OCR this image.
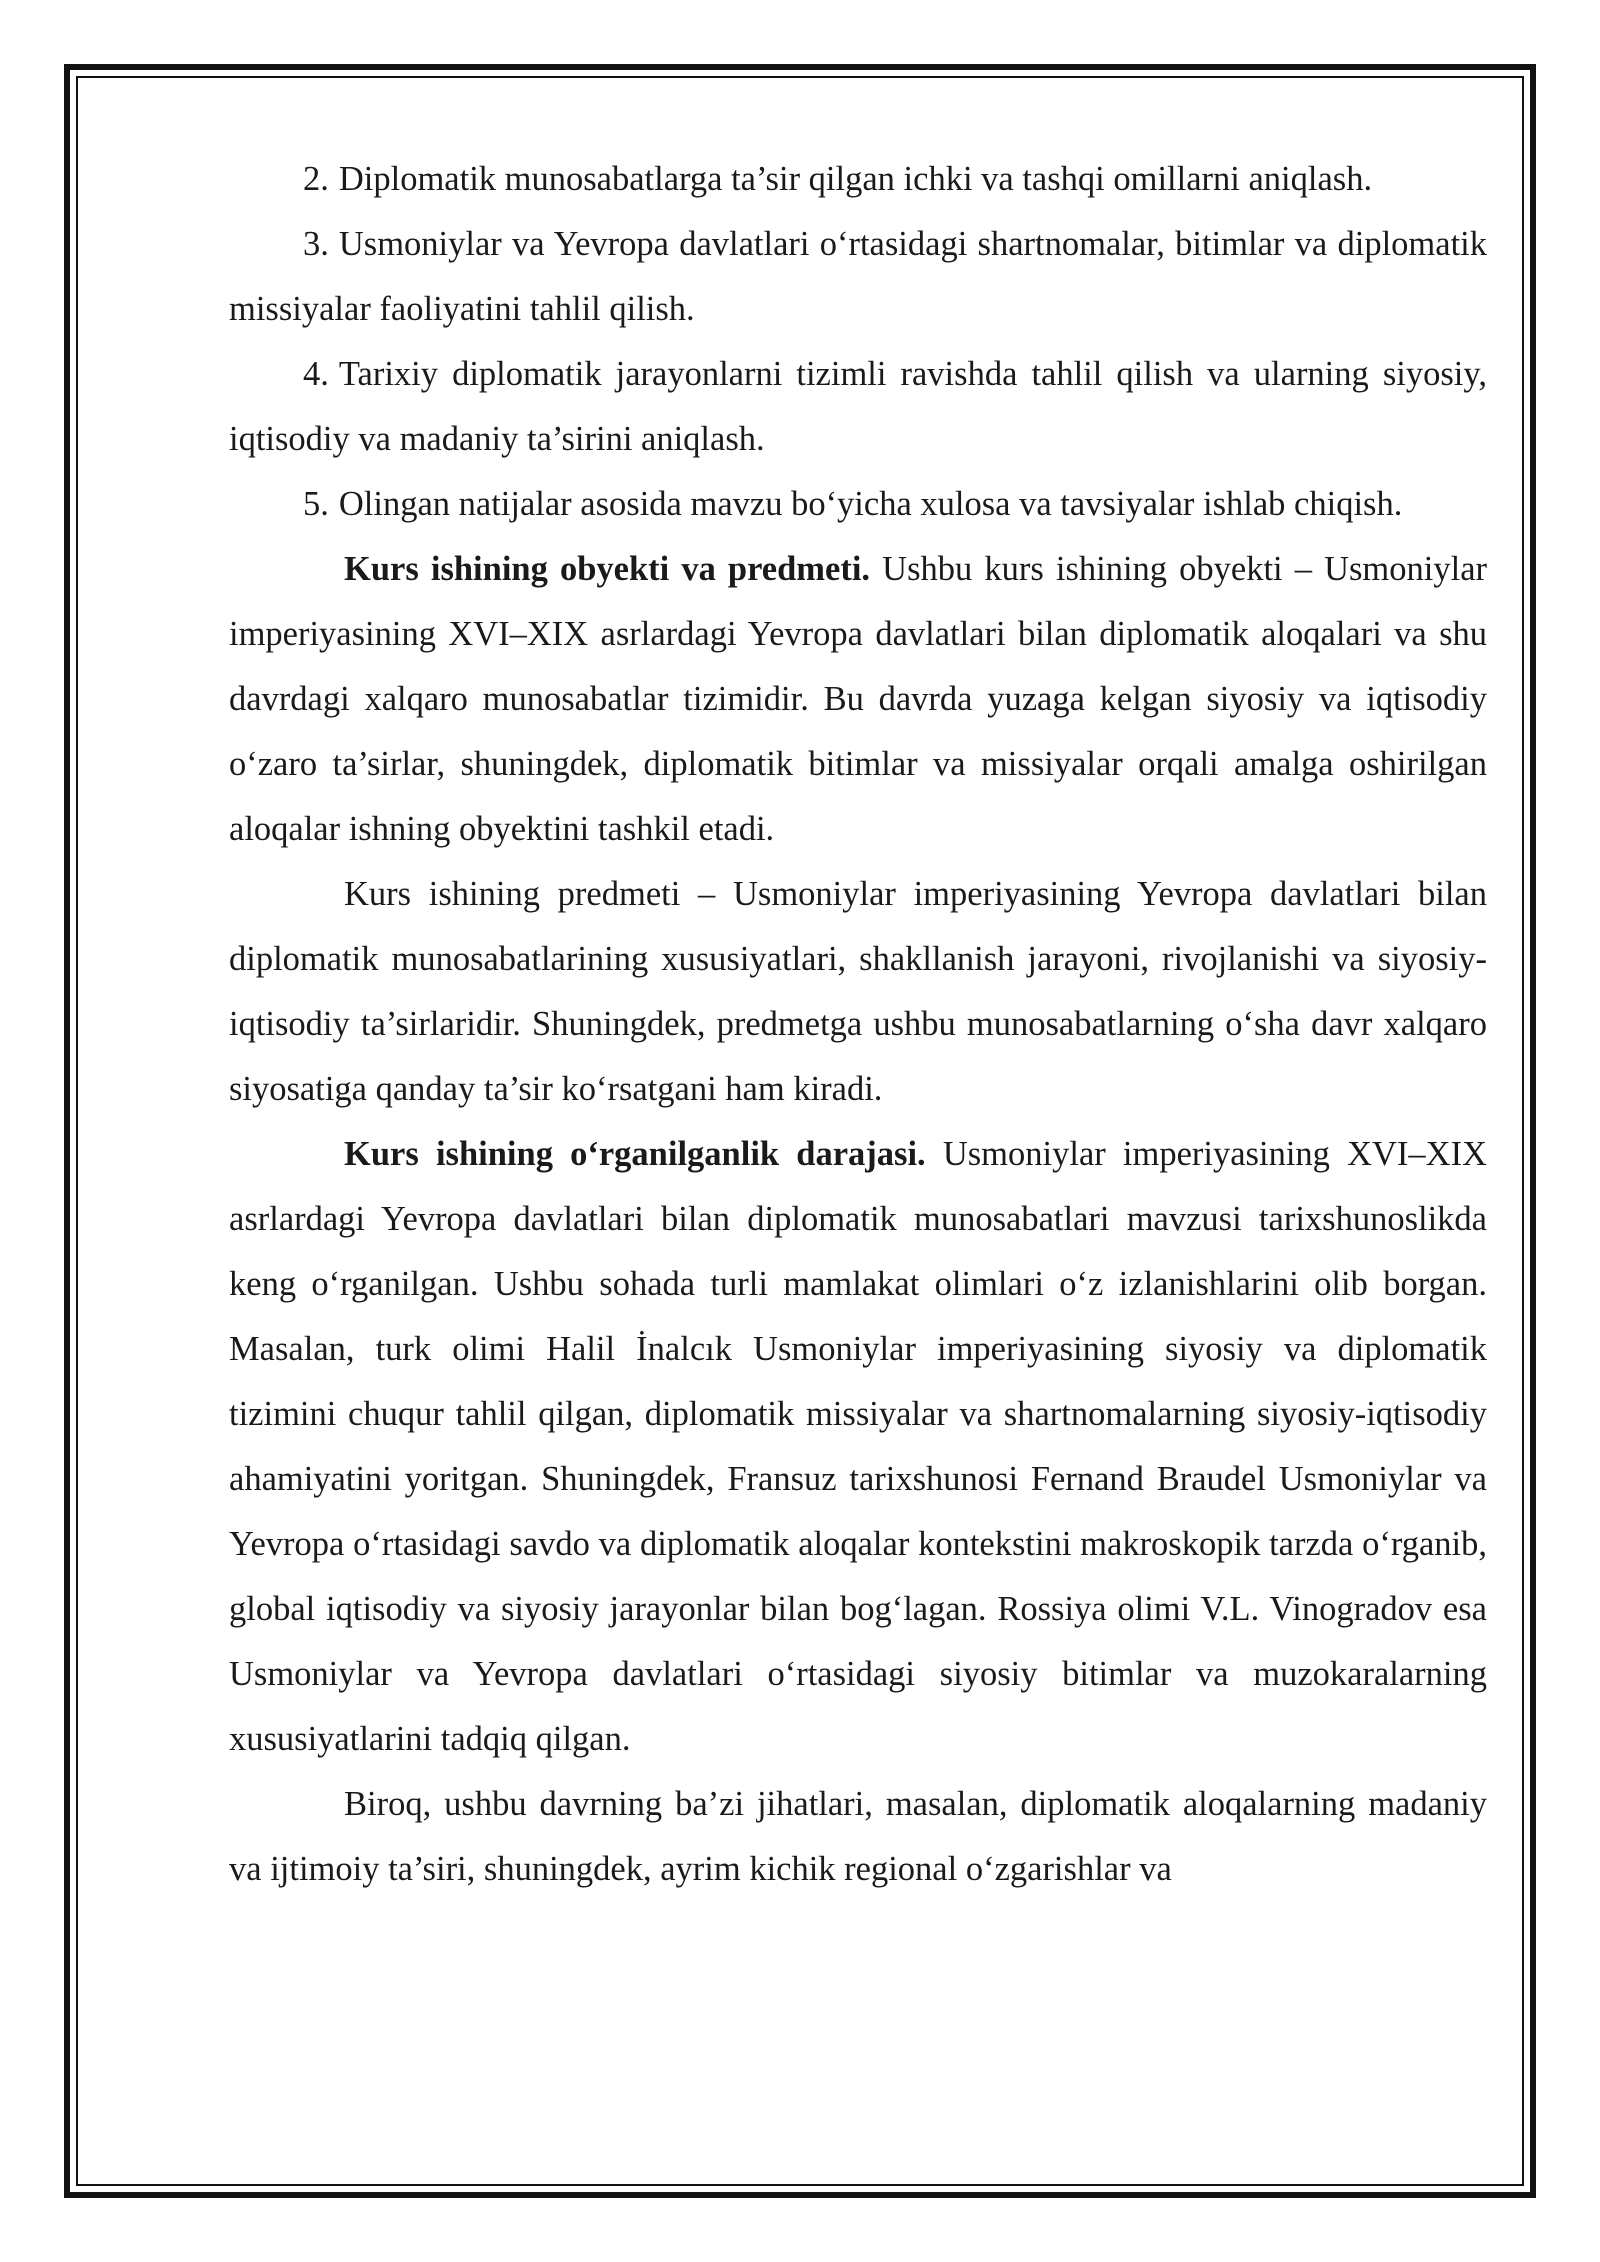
2. Diplomatik munosabatlarga ta’sir qilgan ichki va tashqi omillarni aniqlash.

3. Usmoniylar va Yevropa davlatlari o‘rtasidagi shartnomalar, bitimlar va diplomatik missiyalar faoliyatini tahlil qilish.

4. Tarixiy diplomatik jarayonlarni tizimli ravishda tahlil qilish va ularning siyosiy, iqtisodiy va madaniy ta’sirini aniqlash.

5. Olingan natijalar asosida mavzu bo‘yicha xulosa va tavsiyalar ishlab chiqish.

Kurs ishining obyekti va predmeti. Ushbu kurs ishining obyekti – Usmoniylar imperiyasining XVI–XIX asrlardagi Yevropa davlatlari bilan diplomatik aloqalari va shu davrdagi xalqaro munosabatlar tizimidir. Bu davrda yuzaga kelgan siyosiy va iqtisodiy o‘zaro ta’sirlar, shuningdek, diplomatik bitimlar va missiyalar orqali amalga oshirilgan aloqalar ishning obyektini tashkil etadi.

Kurs ishining predmeti – Usmoniylar imperiyasining Yevropa davlatlari bilan diplomatik munosabatlarining xususiyatlari, shakllanish jarayoni, rivojlanishi va siyosiy-iqtisodiy ta’sirlaridir. Shuningdek, predmetga ushbu munosabatlarning o‘sha davr xalqaro siyosatiga qanday ta’sir ko‘rsatgani ham kiradi.

Kurs ishining o‘rganilganlik darajasi. Usmoniylar imperiyasining XVI–XIX asrlardagi Yevropa davlatlari bilan diplomatik munosabatlari mavzusi tarixshunoslikda keng o‘rganilgan. Ushbu sohada turli mamlakat olimlari o‘z izlanishlarini olib borgan. Masalan, turk olimi Halil İnalcık Usmoniylar imperiyasining siyosiy va diplomatik tizimini chuqur tahlil qilgan, diplomatik missiyalar va shartnomalarning siyosiy-iqtisodiy ahamiyatini yoritgan. Shuningdek, Fransuz tarixshunosi Fernand Braudel Usmoniylar va Yevropa o‘rtasidagi savdo va diplomatik aloqalar kontekstini makroskopik tarzda o‘rganib, global iqtisodiy va siyosiy jarayonlar bilan bog‘lagan. Rossiya olimi V.L. Vinogradov esa Usmoniylar va Yevropa davlatlari o‘rtasidagi siyosiy bitimlar va muzokaralarning xususiyatlarini tadqiq qilgan.

Biroq, ushbu davrning ba’zi jihatlari, masalan, diplomatik aloqalarning madaniy va ijtimoiy ta’siri, shuningdek, ayrim kichik regional o‘zgarishlar va
